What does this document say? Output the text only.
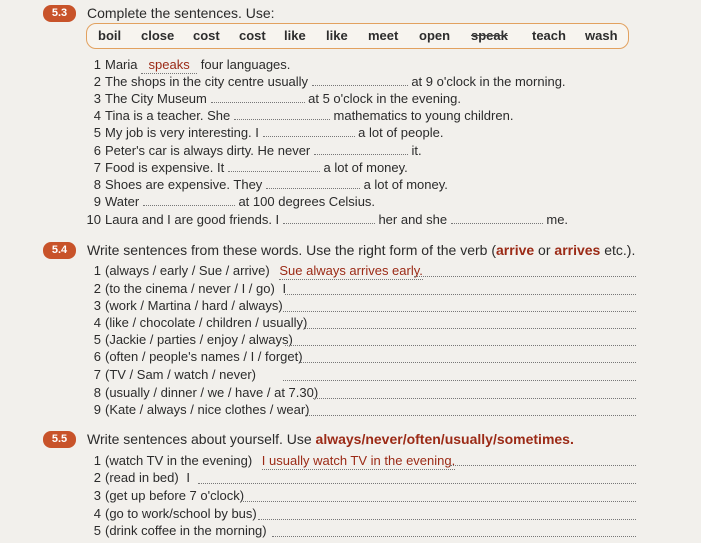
5.3	Complete the sentences. Use:
boil close cost cost like like meet open speak teach wash
1 Maria speaks four languages.
2 The shops in the city centre usually	at 9 o'clock in the morning.
3 The City Museum	at 5 o'clock in the evening.
4 Tina is a teacher. She	mathematics to young children.
5 My job is very interesting. I	a lot of people.
6 Peter's car is always dirty. He never	it.
7 Food is expensive. It	a lot of money.
8 Shoes are expensive. They	a lot of money.
9 Water	at 100 degrees Celsius.
10 Laura and I are good friends. I	her and she	me.
5.4	Write sentences from these words. Use the right form of the verb (arrive or arrives etc.).
1 (always / early / Sue / arrive) Sue always arrives early.
2 (to the cinema / never / I / go) I
3 (work / Martina / hard / always)
4 (like / chocolate / children / usually)
5 (Jackie / parties / enjoy / always)
6 (often / people's names / I / forget)
7 (TV / Sam / watch / never)
8 (usually / dinner / we / have / at 7.30)
9 (Kate / always / nice clothes / wear)
5.5	Write sentences about yourself. Use always/never/often/usually/sometimes.
1 (watch TV in the evening) I usually watch TV in the evening.
2 (read in bed) I
3 (get up before 7 o'clock)
4 (go to work/school by bus)
5 (drink coffee in the morning)
